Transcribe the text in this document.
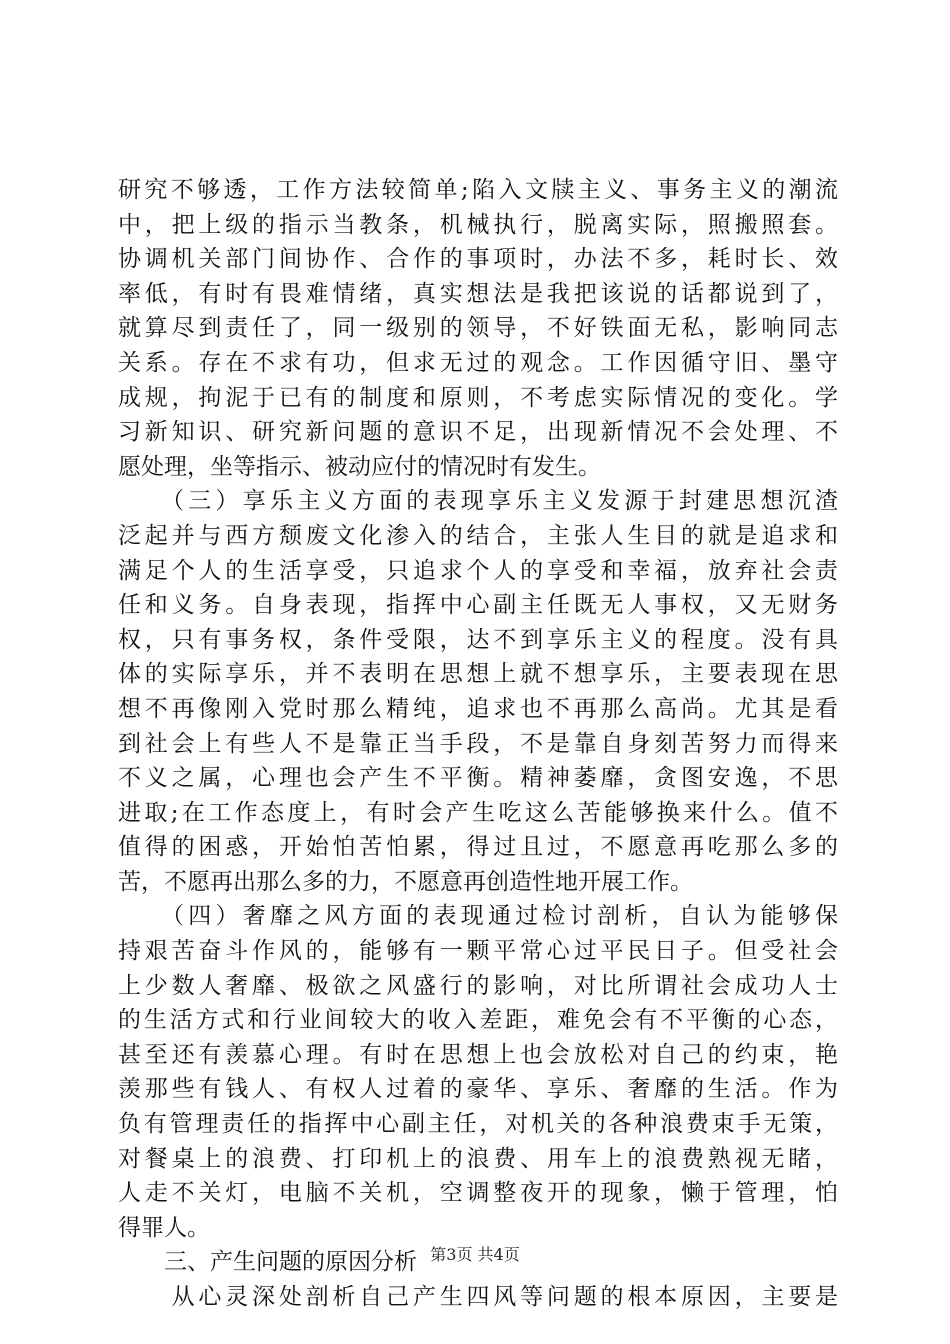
研究不够透，工作方法较简单;陷入文牍主义、事务主义的潮流
中，把上级的指示当教条，机械执行，脱离实际，照搬照套。
协调机关部门间协作、合作的事项时，办法不多，耗时长、效
率低，有时有畏难情绪，真实想法是我把该说的话都说到了，
就算尽到责任了，同一级别的领导，不好铁面无私，影响同志
关系。存在不求有功，但求无过的观念。工作因循守旧、墨守
成规，拘泥于已有的制度和原则，不考虑实际情况的变化。学
习新知识、研究新问题的意识不足，出现新情况不会处理、不
愿处理，坐等指示、被动应付的情况时有发生。
　　（三）享乐主义方面的表现享乐主义发源于封建思想沉渣
泛起并与西方颓废文化渗入的结合，主张人生目的就是追求和
满足个人的生活享受，只追求个人的享受和幸福，放弃社会责
任和义务。自身表现，指挥中心副主任既无人事权，又无财务
权，只有事务权，条件受限，达不到享乐主义的程度。没有具
体的实际享乐，并不表明在思想上就不想享乐，主要表现在思
想不再像刚入党时那么精纯，追求也不再那么高尚。尤其是看
到社会上有些人不是靠正当手段，不是靠自身刻苦努力而得来
不义之属，心理也会产生不平衡。精神萎靡，贪图安逸，不思
进取;在工作态度上，有时会产生吃这么苦能够换来什么。值不
值得的困惑，开始怕苦怕累，得过且过，不愿意再吃那么多的
苦，不愿再出那么多的力，不愿意再创造性地开展工作。
　　（四）奢靡之风方面的表现通过检讨剖析，自认为能够保
持艰苦奋斗作风的，能够有一颗平常心过平民日子。但受社会
上少数人奢靡、极欲之风盛行的影响，对比所谓社会成功人士
的生活方式和行业间较大的收入差距，难免会有不平衡的心态，
甚至还有羡慕心理。有时在思想上也会放松对自己的约束，艳
羡那些有钱人、有权人过着的豪华、享乐、奢靡的生活。作为
负有管理责任的指挥中心副主任，对机关的各种浪费束手无策，
对餐桌上的浪费、打印机上的浪费、用车上的浪费熟视无睹，
人走不关灯，电脑不关机，空调整夜开的现象，懒于管理，怕
得罪人。
　　三、产生问题的原因分析
　　从心灵深处剖析自己产生四风等问题的根本原因，主要是
第3页 共4页
